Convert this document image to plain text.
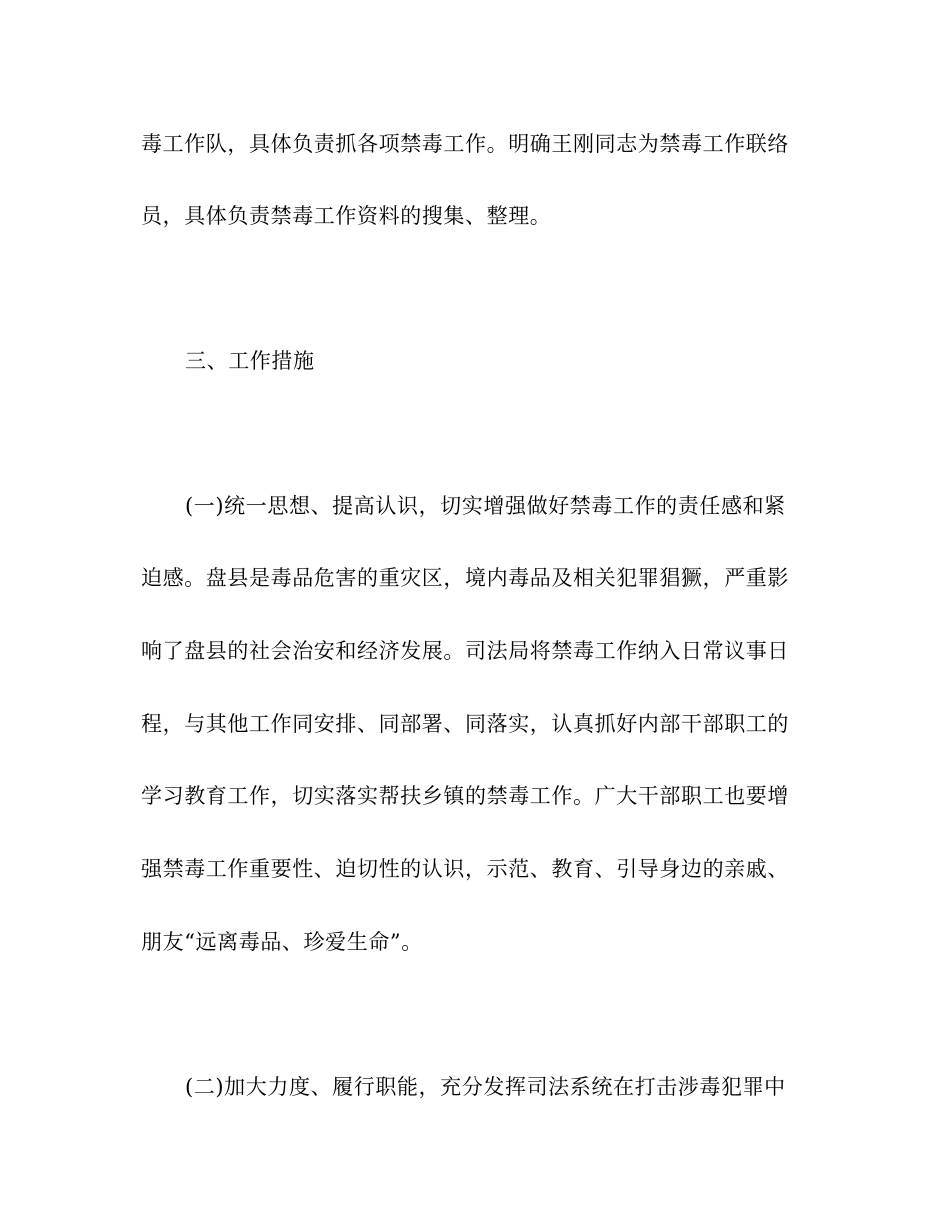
毒工作队，具体负责抓各项禁毒工作。明确王刚同志为禁毒工作联络
员，具体负责禁毒工作资料的搜集、整理。
三、工作措施
(一)统一思想、提高认识，切实增强做好禁毒工作的责任感和紧
迫感。盘县是毒品危害的重灾区，境内毒品及相关犯罪猖獗，严重影
响了盘县的社会治安和经济发展。司法局将禁毒工作纳入日常议事日
程，与其他工作同安排、同部署、同落实，认真抓好内部干部职工的
学习教育工作，切实落实帮扶乡镇的禁毒工作。广大干部职工也要增
强禁毒工作重要性、迫切性的认识，示范、教育、引导身边的亲戚、
朋友“远离毒品、珍爱生命”。
(二)加大力度、履行职能，充分发挥司法系统在打击涉毒犯罪中
